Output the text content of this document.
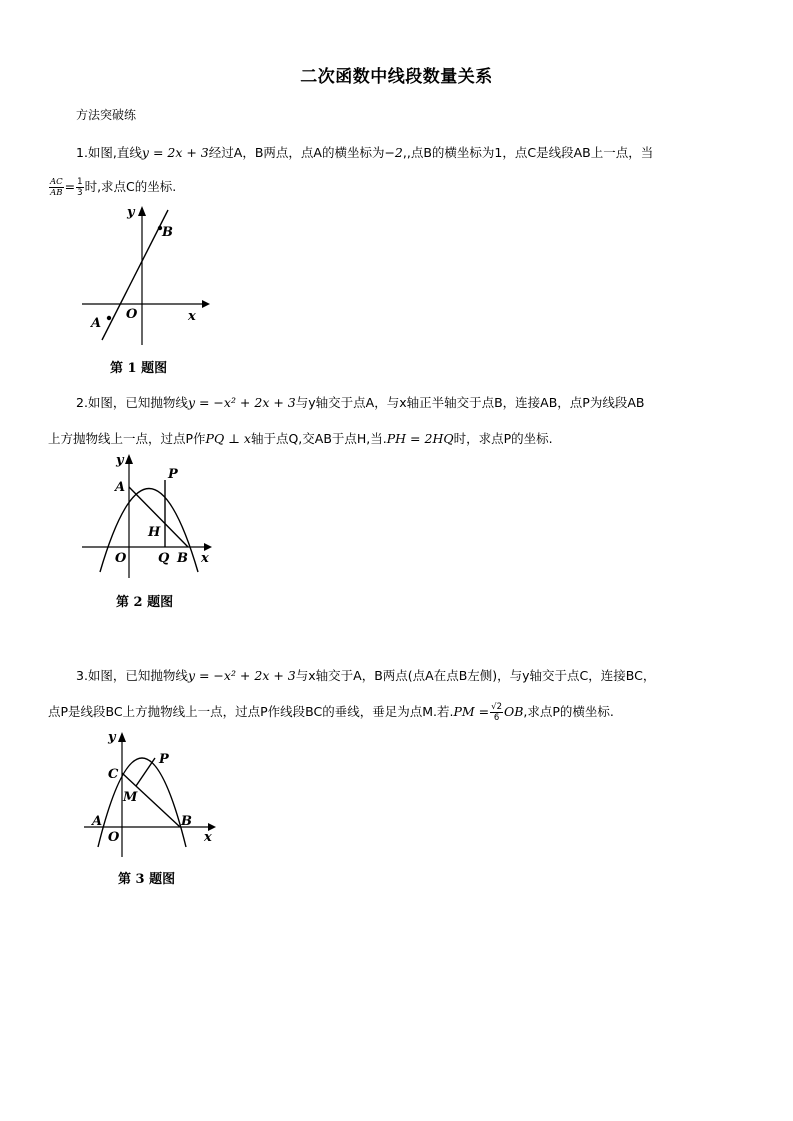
二次函数中线段数量关系
方法突破练
1.如图,直线y = 2x + 3经过A，B两点，点A的横坐标为−2,,点B的横坐标为1，点C是线段AB上一点，当
$\frac{AC}{AB} = \frac{1}{3}$ 时,求点C的坐标.
y
x
B
A
O
第 1 题图
2.如图，已知抛物线y = −x² + 2x + 3与y轴交于点A，与x轴正半轴交于点B，连接AB，点P为线段AB
上方抛物线上一点，过点P作PQ ⊥ x轴于点Q,交AB于点H,当.PH = 2HQ时，求点P的坐标.
y
x
A
P
H
O Q B
第 2 题图
3.如图，已知抛物线y = −x² + 2x + 3与x轴交于A，B两点(点A在点B左侧)，与y轴交于点C，连接BC，
点P是线段BC上方抛物线上一点，过点P作线段BC的垂线，垂足为点M.若$.PM = \frac{√2}{6}$ OB,求点P的横坐标.
y
x
C
P
M
A
O
B
第 3 题图
